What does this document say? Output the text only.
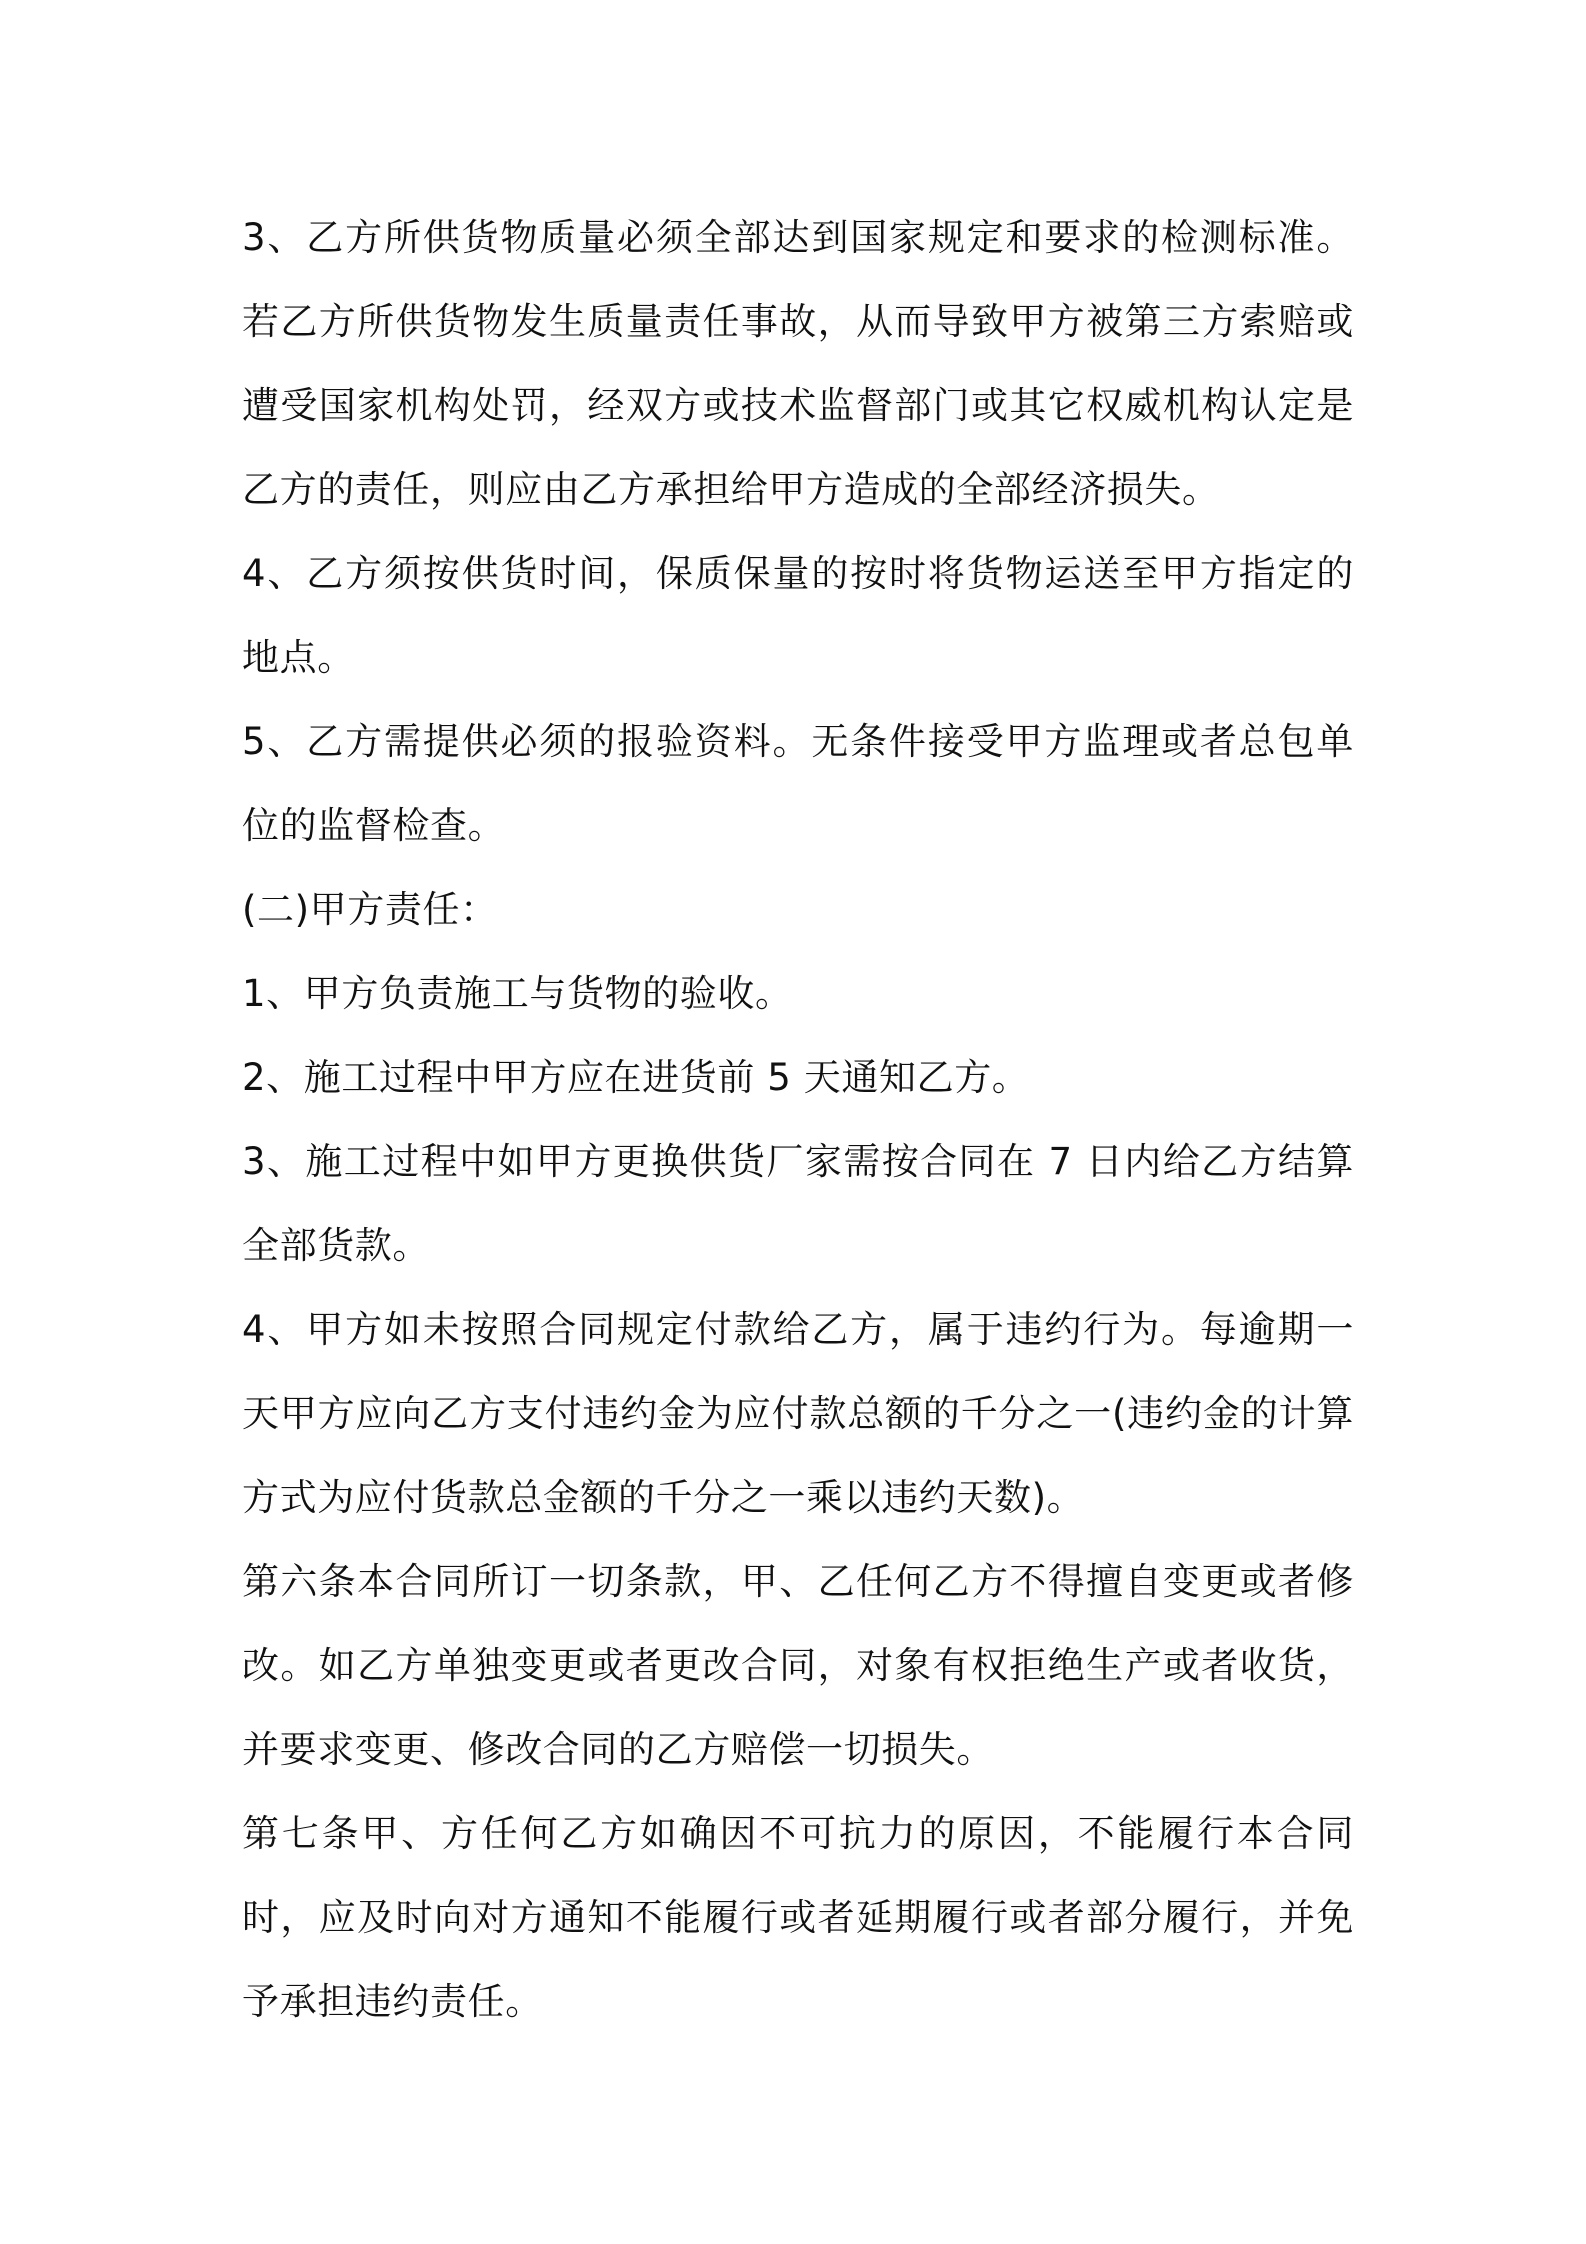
3、乙方所供货物质量必须全部达到国家规定和要求的检测标准。若乙方所供货物发生质量责任事故，从而导致甲方被第三方索赔或遭受国家机构处罚，经双方或技术监督部门或其它权威机构认定是乙方的责任，则应由乙方承担给甲方造成的全部经济损失。

4、乙方须按供货时间，保质保量的按时将货物运送至甲方指定的地点。

5、乙方需提供必须的报验资料。无条件接受甲方监理或者总包单位的监督检查。

(二)甲方责任：

1、甲方负责施工与货物的验收。

2、施工过程中甲方应在进货前 5 天通知乙方。

3、施工过程中如甲方更换供货厂家需按合同在 7 日内给乙方结算全部货款。

4、甲方如未按照合同规定付款给乙方，属于违约行为。每逾期一天甲方应向乙方支付违约金为应付款总额的千分之一(违约金的计算方式为应付货款总金额的千分之一乘以违约天数)。

第六条本合同所订一切条款，甲、乙任何乙方不得擅自变更或者修改。如乙方单独变更或者更改合同，对象有权拒绝生产或者收货，并要求变更、修改合同的乙方赔偿一切损失。

第七条甲、方任何乙方如确因不可抗力的原因，不能履行本合同时，应及时向对方通知不能履行或者延期履行或者部分履行，并免予承担违约责任。
